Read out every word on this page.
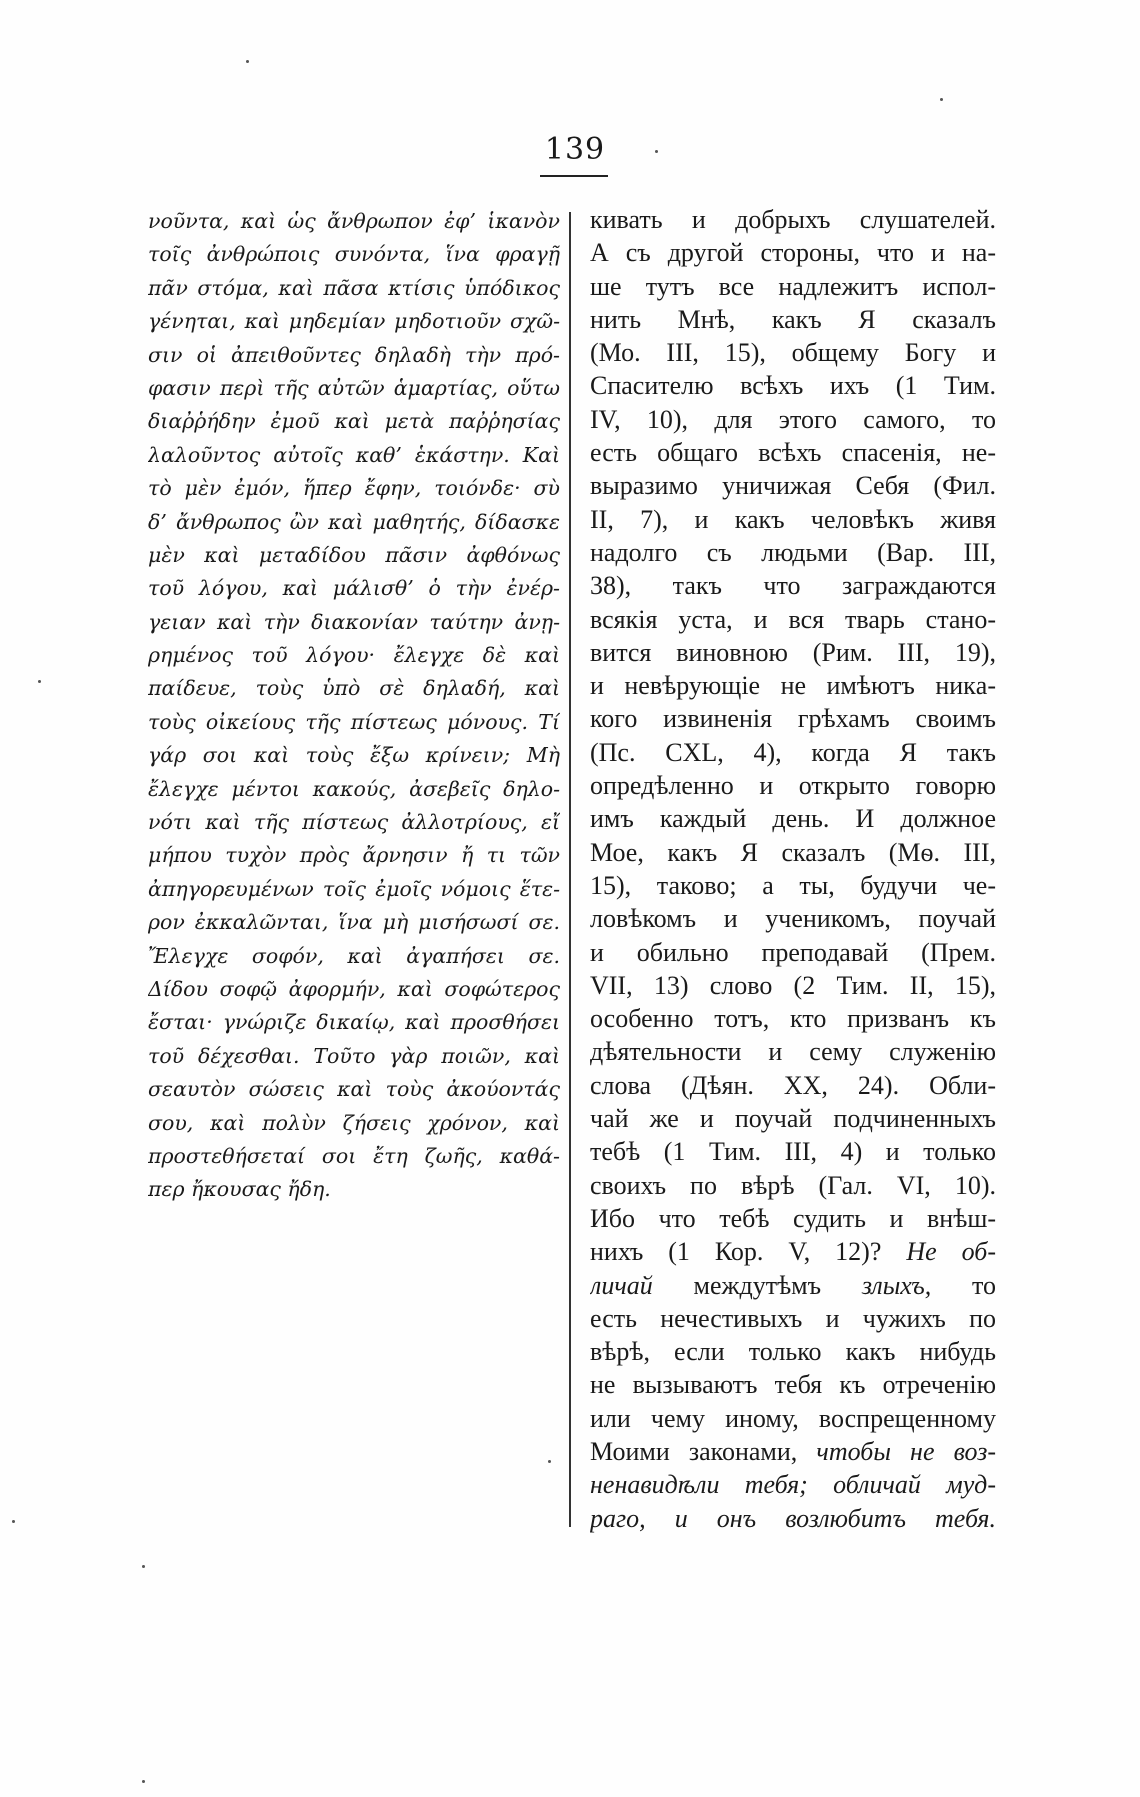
139
νοῦντα, καὶ ὡς ἄνθρωπον ἐφ’ ἱκανὸν
τοῖς ἀνθρώποις συνόντα, ἵνα φραγῇ
πᾶν στόμα, καὶ πᾶσα κτίσις ὑπόδικος
γένηται, καὶ μηδεμίαν μηδοτιοῦν σχῶ-
σιν οἱ ἀπειθοῦντες δηλαδὴ τὴν πρό-
φασιν περὶ τῆς αὐτῶν ἁμαρτίας, οὕτω
διαῤῥήδην ἐμοῦ καὶ μετὰ παῤῥησίας
λαλοῦντος αὐτοῖς καθ’ ἑκάστην. Καὶ
τὸ μὲν ἐμόν, ἥπερ ἔφην, τοιόνδε· σὺ
δ’ ἄνθρωπος ὢν καὶ μαθητής, δίδασκε
μὲν καὶ μεταδίδου πᾶσιν ἀφθόνως
τοῦ λόγου, καὶ μάλισθ’ ὁ τὴν ἐνέρ-
γειαν καὶ τὴν διακονίαν ταύτην ἀνῃ-
ρημένος τοῦ λόγου· ἔλεγχε δὲ καὶ
παίδευε, τοὺς ὑπὸ σὲ δηλαδή, καὶ
τοὺς οἰκείους τῆς πίστεως μόνους. Τί
γάρ σοι καὶ τοὺς ἔξω κρίνειν; Μὴ
ἔλεγχε μέντοι κακούς, ἀσεβεῖς δηλο-
νότι καὶ τῆς πίστεως ἀλλοτρίους, εἴ
μήπου τυχὸν πρὸς ἄρνησιν ἤ τι τῶν
ἀπηγορευμένων τοῖς ἐμοῖς νόμοις ἕτε-
ρον ἐκκαλῶνται, ἵνα μὴ μισήσωσί σε.
Ἔλεγχε σοφόν, καὶ ἀγαπήσει σε.
Δίδου σοφῷ ἀφορμήν, καὶ σοφώτερος
ἔσται· γνώριζε δικαίῳ, καὶ προσθήσει
τοῦ δέχεσθαι. Τοῦτο γὰρ ποιῶν, καὶ
σεαυτὸν σώσεις καὶ τοὺς ἀκούοντάς
σου, καὶ πολὺν ζήσεις χρόνον, καὶ
προστεθήσεταί σοι ἔτη ζωῆς, καθά-
περ ἤκουσας ἤδη.
кивать и добрыхъ слушателей.
А съ другой стороны, что и на-
ше тутъ все надлежитъ испол-
нить Мнѣ, какъ Я сказалъ
(Мо. III, 15), общему Богу и
Спасителю всѣхъ ихъ (1 Тим.
IV, 10), для этого самого, то
есть общаго всѣхъ спасенія, не-
выразимо уничижая Себя (Фил.
II, 7), и какъ человѣкъ живя
надолго съ людьми (Вар. III,
38), такъ что заграждаются
всякія уста, и вся тварь стано-
вится виновною (Рим. III, 19),
и невѣрующіе не имѣютъ никa-
кого извиненія грѣхамъ своимъ
(Пс. CXL, 4), когда Я такъ
опредѣленно и открыто говорю
имъ каждый день. И должное
Мое, какъ Я сказалъ (Мѳ. III,
15), таково; а ты, будучи че-
ловѣкомъ и ученикомъ, поучай
и обильно преподавай (Прем.
VII, 13) слово (2 Тим. II, 15),
особенно тотъ, кто призванъ къ
дѣятельности и сему служенію
слова (Дѣян. XX, 24). Обли-
чай же и поучай подчиненныхъ
тебѣ (1 Тим. III, 4) и только
своихъ по вѣрѣ (Гал. VI, 10).
Ибо что тебѣ судить и внѣш-
нихъ (1 Кор. V, 12)? Не об-
личай междутѣмъ злыхъ, то
есть нечестивыхъ и чужихъ по
вѣрѣ, если только какъ нибудь
не вызываютъ тебя къ отреченію
или чему иному, воспрещенному
Моими законами, чтобы не воз-
ненавидѣли тебя; обличай муд-
раго, и онъ возлюбитъ тебя.
